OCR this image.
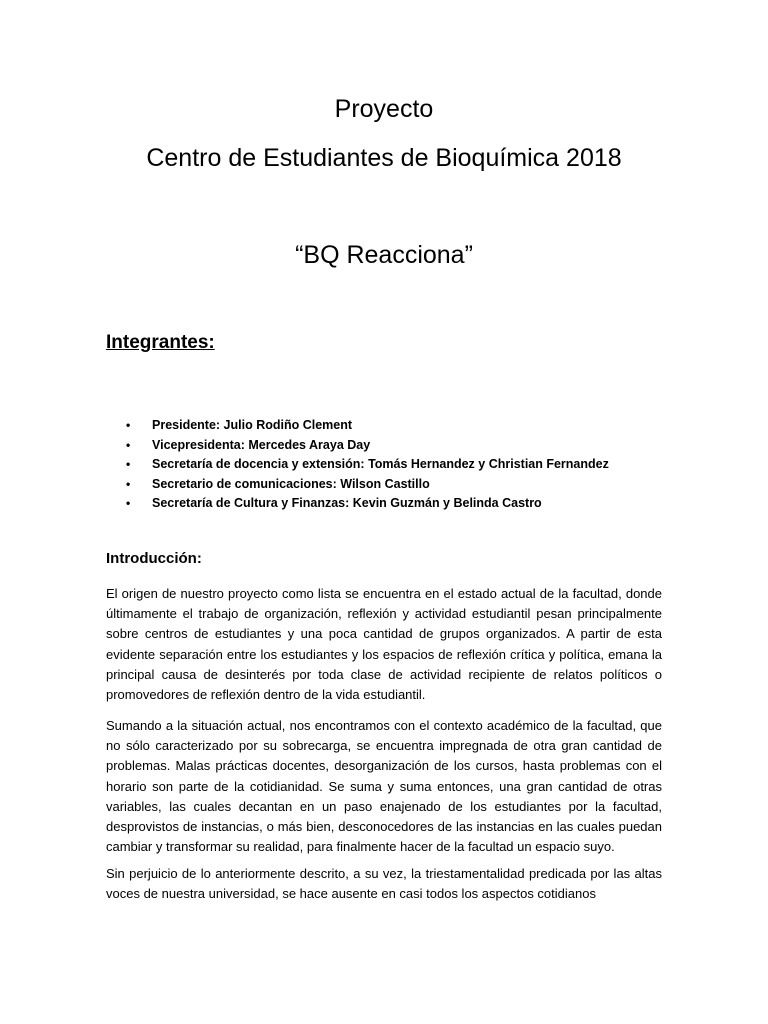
Proyecto
Centro de Estudiantes de Bioquímica 2018
“BQ Reacciona”
Integrantes:
• Presidente: Julio Rodiño Clement
• Vicepresidenta: Mercedes Araya Day
• Secretaría de docencia y extensión: Tomás Hernandez y Christian Fernandez
• Secretario de comunicaciones: Wilson Castillo
• Secretaría de Cultura y Finanzas: Kevin Guzmán y Belinda Castro
Introducción:

El origen de nuestro proyecto como lista se encuentra en el estado actual de la facultad, donde últimamente el trabajo de organización, reflexión y actividad estudiantil pesan principalmente sobre centros de estudiantes y una poca cantidad de grupos organizados. A partir de esta evidente separación entre los estudiantes y los espacios de reflexión crítica y política, emana la principal causa de desinterés por toda clase de actividad recipiente de relatos políticos o promovedores de reflexión dentro de la vida estudiantil.

Sumando a la situación actual, nos encontramos con el contexto académico de la facultad, que no sólo caracterizado por su sobrecarga, se encuentra impregnada de otra gran cantidad de problemas. Malas prácticas docentes, desorganización de los cursos, hasta problemas con el horario son parte de la cotidianidad. Se suma y suma entonces, una gran cantidad de otras variables, las cuales decantan en un paso enajenado de los estudiantes por la facultad, desprovistos de instancias, o más bien, desconocedores de las instancias en las cuales puedan cambiar y transformar su realidad, para finalmente hacer de la facultad un espacio suyo.

Sin perjuicio de lo anteriormente descrito, a su vez, la triestamentalidad predicada por las altas voces de nuestra universidad, se hace ausente en casi todos los aspectos cotidianos
